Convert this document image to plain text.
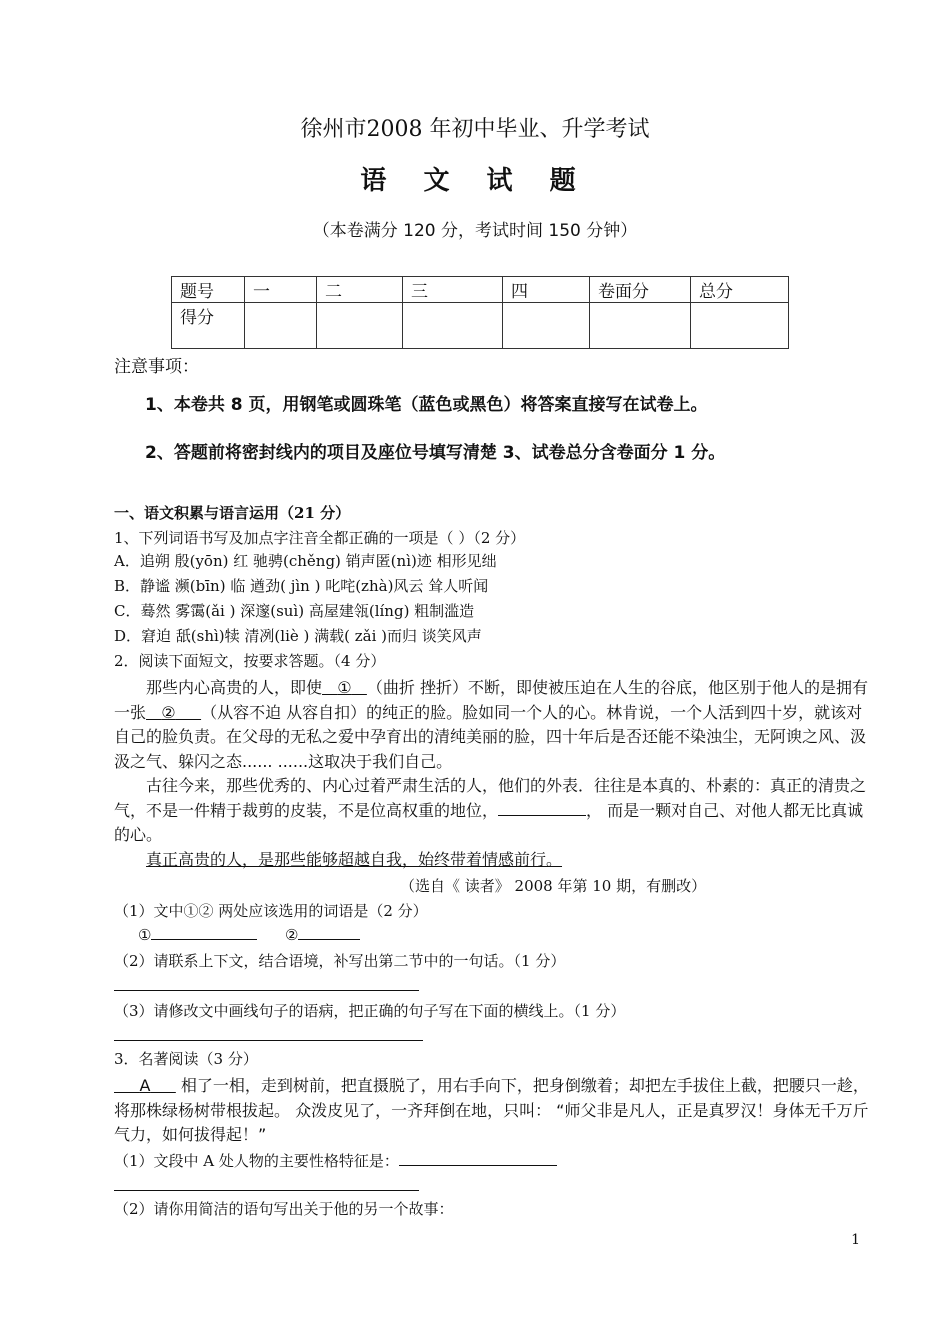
徐州市2008 年初中毕业、升学考试
语 文 试 题
（本卷满分 120 分，考试时间 150 分钟）
题号	一	二	三	四	卷面分	总分
得分						
注意事项：
1、本卷共 8 页，用钢笔或圆珠笔（蓝色或黑色）将答案直接写在试卷上。
2、答题前将密封线内的项目及座位号填写清楚 3、试卷总分含卷面分 1 分。
一、语文积累与语言运用（21 分）
1、下列词语书写及加点字注音全都正确的一项是（ ）（2 分）
A．追朔 殷(yōn) 红 驰骋(chěng) 销声匿(nì)迹 相形见绌
B．静谧 濒(bīn) 临 遒劲( jìn ) 叱咤(zhà)风云 耸人听闻
C．蓦然 雾霭(ǎi ) 深邃(suì) 高屋建瓴(líng) 粗制滥造
D．窘迫 舐(shì)犊 清冽(liè ) 满载( zǎi )而归 谈笑风声
2．阅读下面短文，按要求答题。（4 分）
那些内心高贵的人，即使 ① （曲折 挫折）不断，即使被压迫在人生的谷底，他区别于他人的是拥有一张 ② （从容不迫 从容自扣）的纯正的脸。脸如同一个人的心。林肯说，一个人活到四十岁，就该对自己的脸负责。在父母的无私之爱中孕育出的清纯美丽的脸，四十年后是否还能不染浊尘，无阿谀之风、汲汲之气、躲闪之态...... ......这取决于我们自己。
古往今来，那些优秀的、内心过着严肃生活的人，他们的外表．往往是本真的、朴素的：真正的清贵之气，不是一件精于裁剪的皮装，不是位高权重的地位，	， 而是一颗对自己、对他人都无比真诚的心。
真正高贵的人，是那些能够超越自我，始终带着情感前行。
（选自《 读者》 2008 年第 10 期，有删改）
（1）文中①② 两处应该选用的词语是（2 分）
①	②
（2）请联系上下文，结合语境，补写出第二节中的一句话。（1 分）
（3）请修改文中画线句子的语病，把正确的句子写在下面的横线上。（1 分）
3．名著阅读（3 分）
A 相了一相，走到树前，把直摄脱了，用右手向下，把身倒缴着；却把左手拔住上截，把腰只一趁，将那株绿杨树带根拔起。 众泼皮见了，一齐拜倒在地，只叫： “师父非是凡人，正是真罗汉！身体无千万斤气力，如何拔得起！”
（1）文段中 A 处人物的主要性格特征是：
（2）请你用简洁的语句写出关于他的另一个故事：
1
